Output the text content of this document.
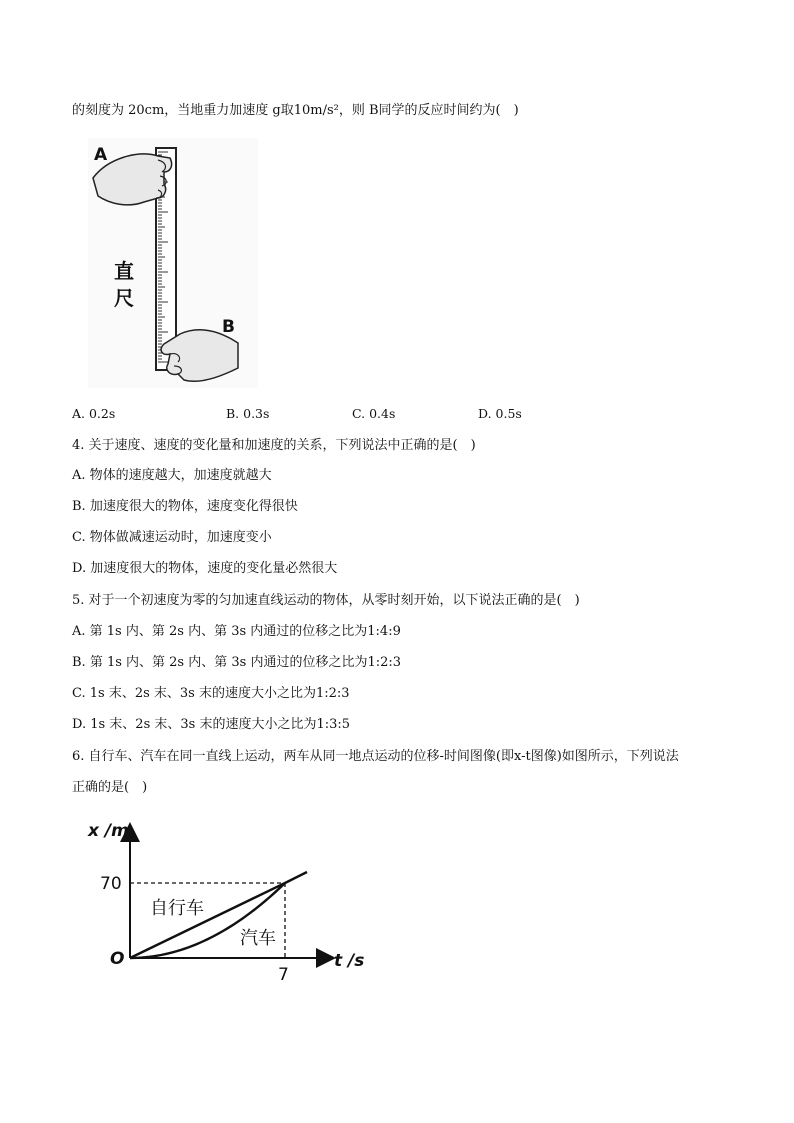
的刻度为 20cm，当地重力加速度 g取10m/s²，则 B同学的反应时间约为(　)
A
B
直
尺
A. 0.2s	B. 0.3s	C. 0.4s	D. 0.5s
4. 关于速度、速度的变化量和加速度的关系，下列说法中正确的是(　)
A. 物体的速度越大，加速度就越大
B. 加速度很大的物体，速度变化得很快
C. 物体做减速运动时，加速度变小
D. 加速度很大的物体，速度的变化量必然很大
5. 对于一个初速度为零的匀加速直线运动的物体，从零时刻开始，以下说法正确的是(　)
A. 第 1s 内、第 2s 内、第 3s 内通过的位移之比为1:4:9
B. 第 1s 内、第 2s 内、第 3s 内通过的位移之比为1:2:3
C. 1s 末、2s 末、3s 末的速度大小之比为1:2:3
D. 1s 末、2s 末、3s 末的速度大小之比为1:3:5
6. 自行车、汽车在同一直线上运动，两车从同一地点运动的位移-时间图像(即x-t图像)如图所示，下列说法
正确的是(　)
x /m
t /s
O
70
7
自行车
汽车
